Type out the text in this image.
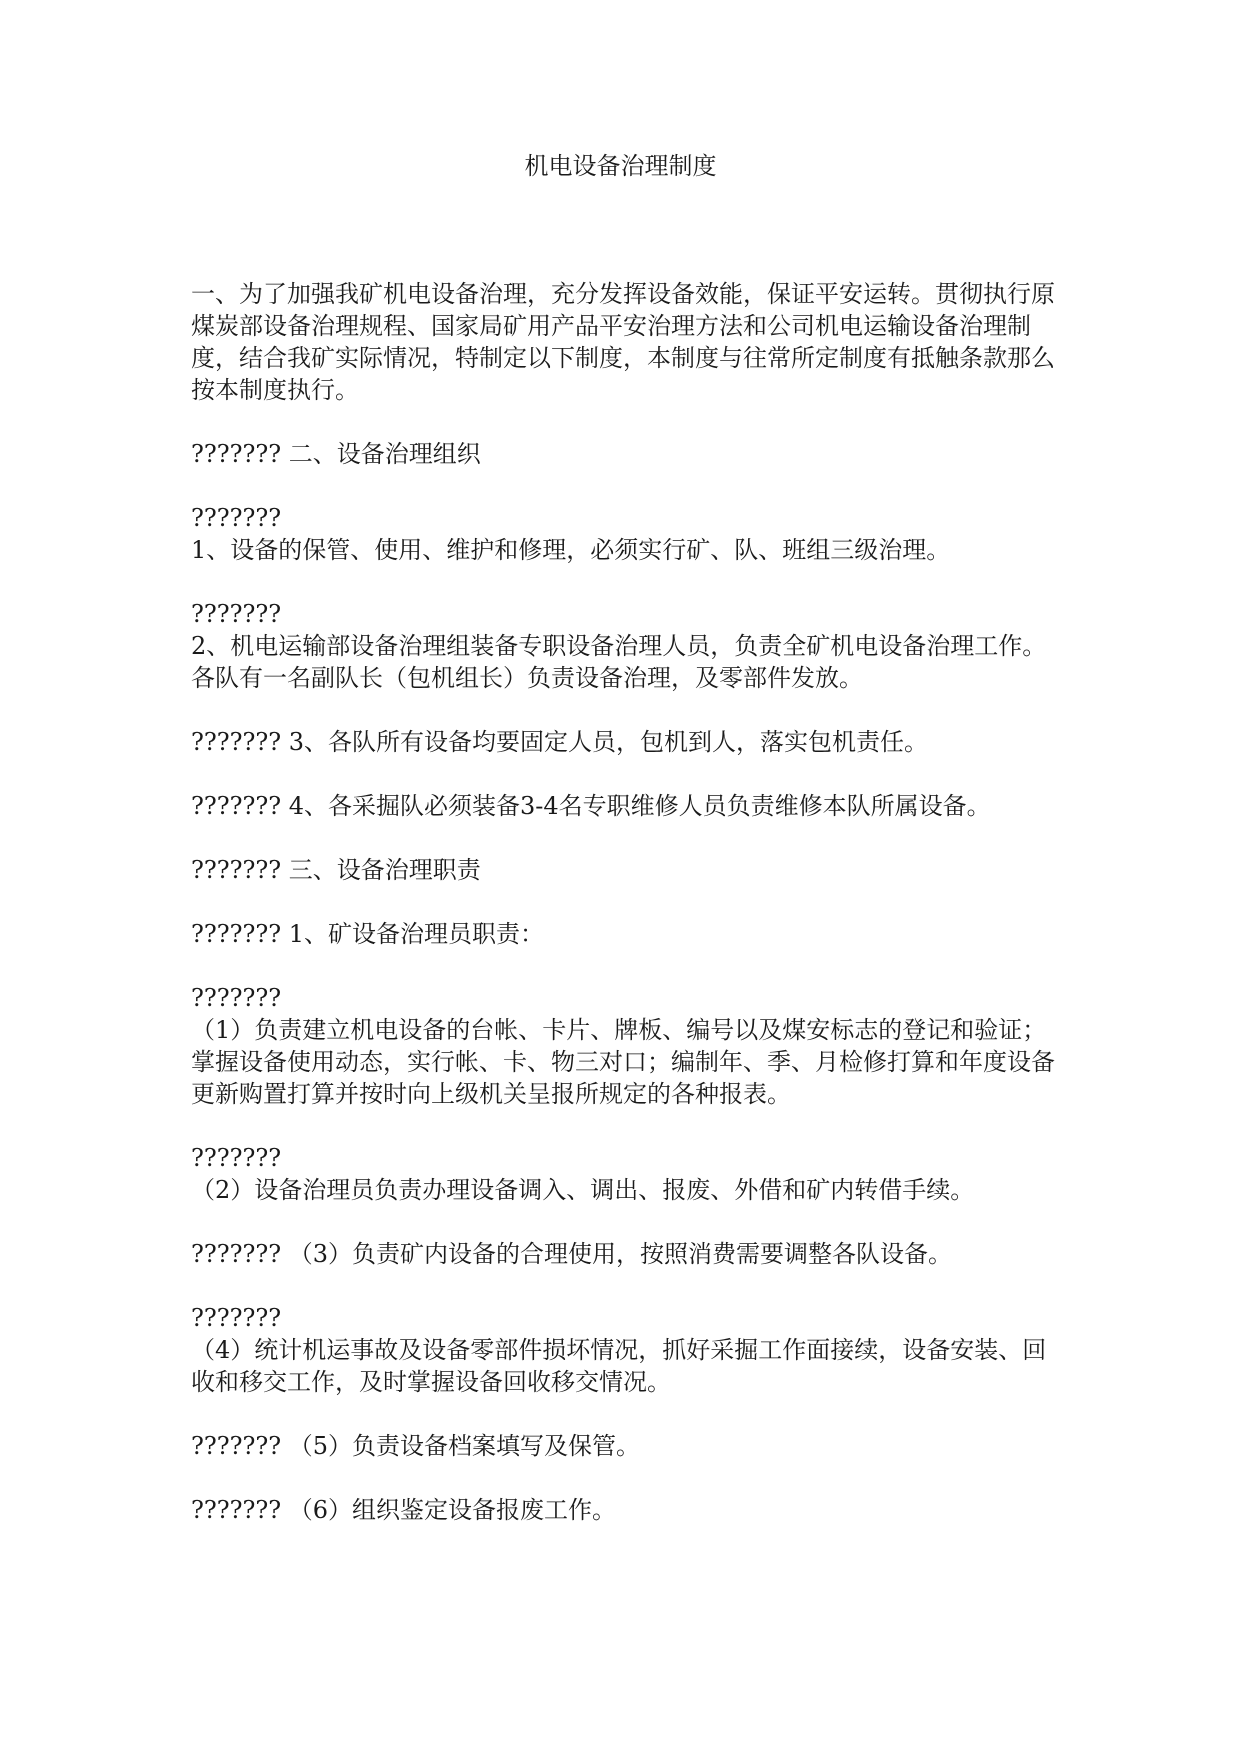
机电设备治理制度

一、为了加强我矿机电设备治理，充分发挥设备效能，保证平安运转。贯彻执行原煤炭部设备治理规程、国家局矿用产品平安治理方法和公司机电运输设备治理制度，结合我矿实际情况，特制定以下制度，本制度与往常所定制度有抵触条款那么按本制度执行。

??????? 二、设备治理组织

???????
1、设备的保管、使用、维护和修理，必须实行矿、队、班组三级治理。

???????
2、机电运输部设备治理组装备专职设备治理人员，负责全矿机电设备治理工作。各队有一名副队长（包机组长）负责设备治理，及零部件发放。

??????? 3、各队所有设备均要固定人员，包机到人，落实包机责任。

??????? 4、各采掘队必须装备3-4名专职维修人员负责维修本队所属设备。

??????? 三、设备治理职责

??????? 1、矿设备治理员职责：

???????
（1）负责建立机电设备的台帐、卡片、牌板、编号以及煤安标志的登记和验证；掌握设备使用动态，实行帐、卡、物三对口；编制年、季、月检修打算和年度设备更新购置打算并按时向上级机关呈报所规定的各种报表。

???????
（2）设备治理员负责办理设备调入、调出、报废、外借和矿内转借手续。

??????? （3）负责矿内设备的合理使用，按照消费需要调整各队设备。

???????
（4）统计机运事故及设备零部件损坏情况，抓好采掘工作面接续，设备安装、回收和移交工作，及时掌握设备回收移交情况。

??????? （5）负责设备档案填写及保管。

??????? （6）组织鉴定设备报废工作。
